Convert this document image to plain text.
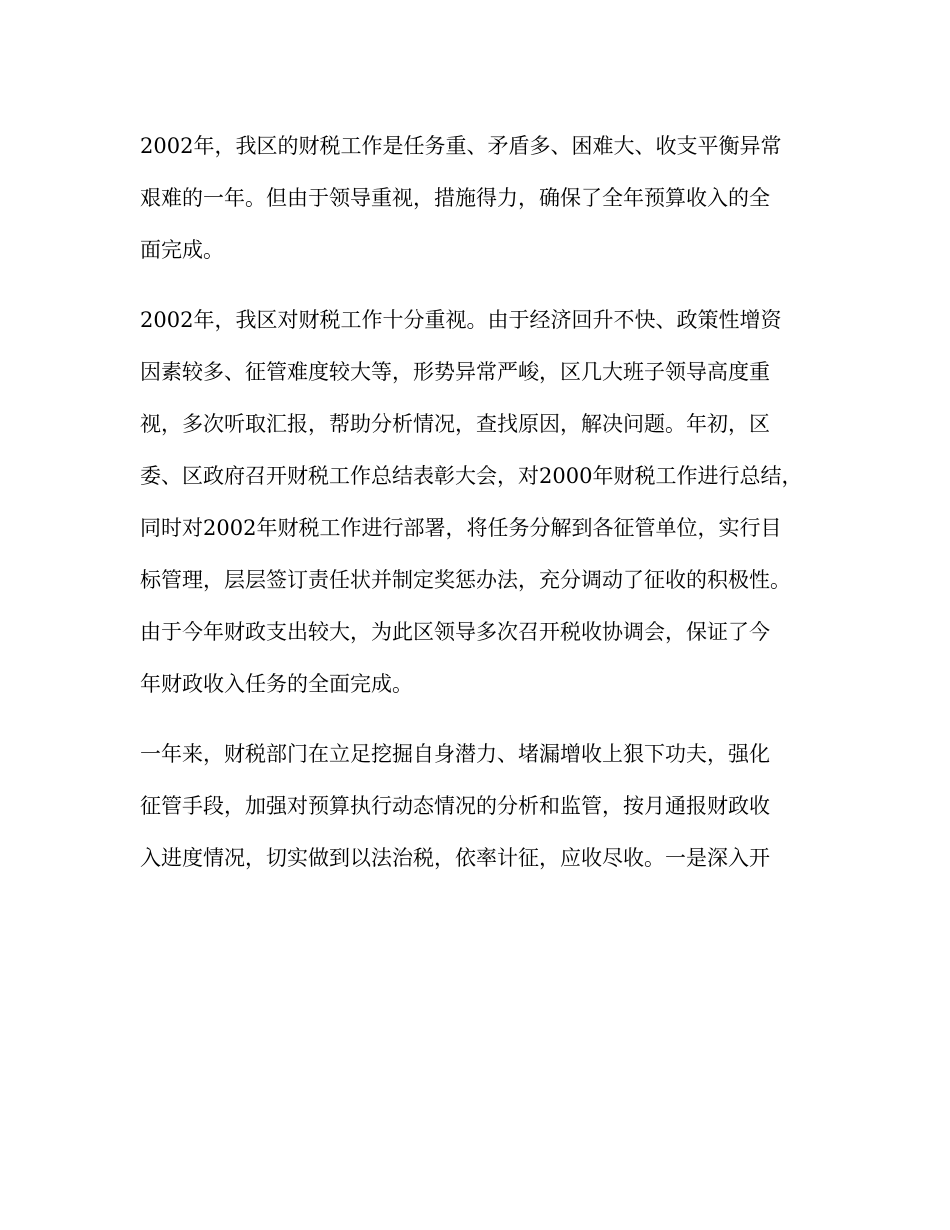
2002年，我区的财税工作是任务重、矛盾多、困难大、收支平衡异常
艰难的一年。但由于领导重视，措施得力，确保了全年预算收入的全
面完成。
2002年，我区对财税工作十分重视。由于经济回升不快、政策性增资
因素较多、征管难度较大等，形势异常严峻，区几大班子领导高度重
视，多次听取汇报，帮助分析情况，查找原因，解决问题。年初，区
委、区政府召开财税工作总结表彰大会，对2000年财税工作进行总结，
同时对2002年财税工作进行部署，将任务分解到各征管单位，实行目
标管理，层层签订责任状并制定奖惩办法，充分调动了征收的积极性。
由于今年财政支出较大，为此区领导多次召开税收协调会，保证了今
年财政收入任务的全面完成。
一年来，财税部门在立足挖掘自身潜力、堵漏增收上狠下功夫，强化
征管手段，加强对预算执行动态情况的分析和监管，按月通报财政收
入进度情况，切实做到以法治税，依率计征，应收尽收。一是深入开
